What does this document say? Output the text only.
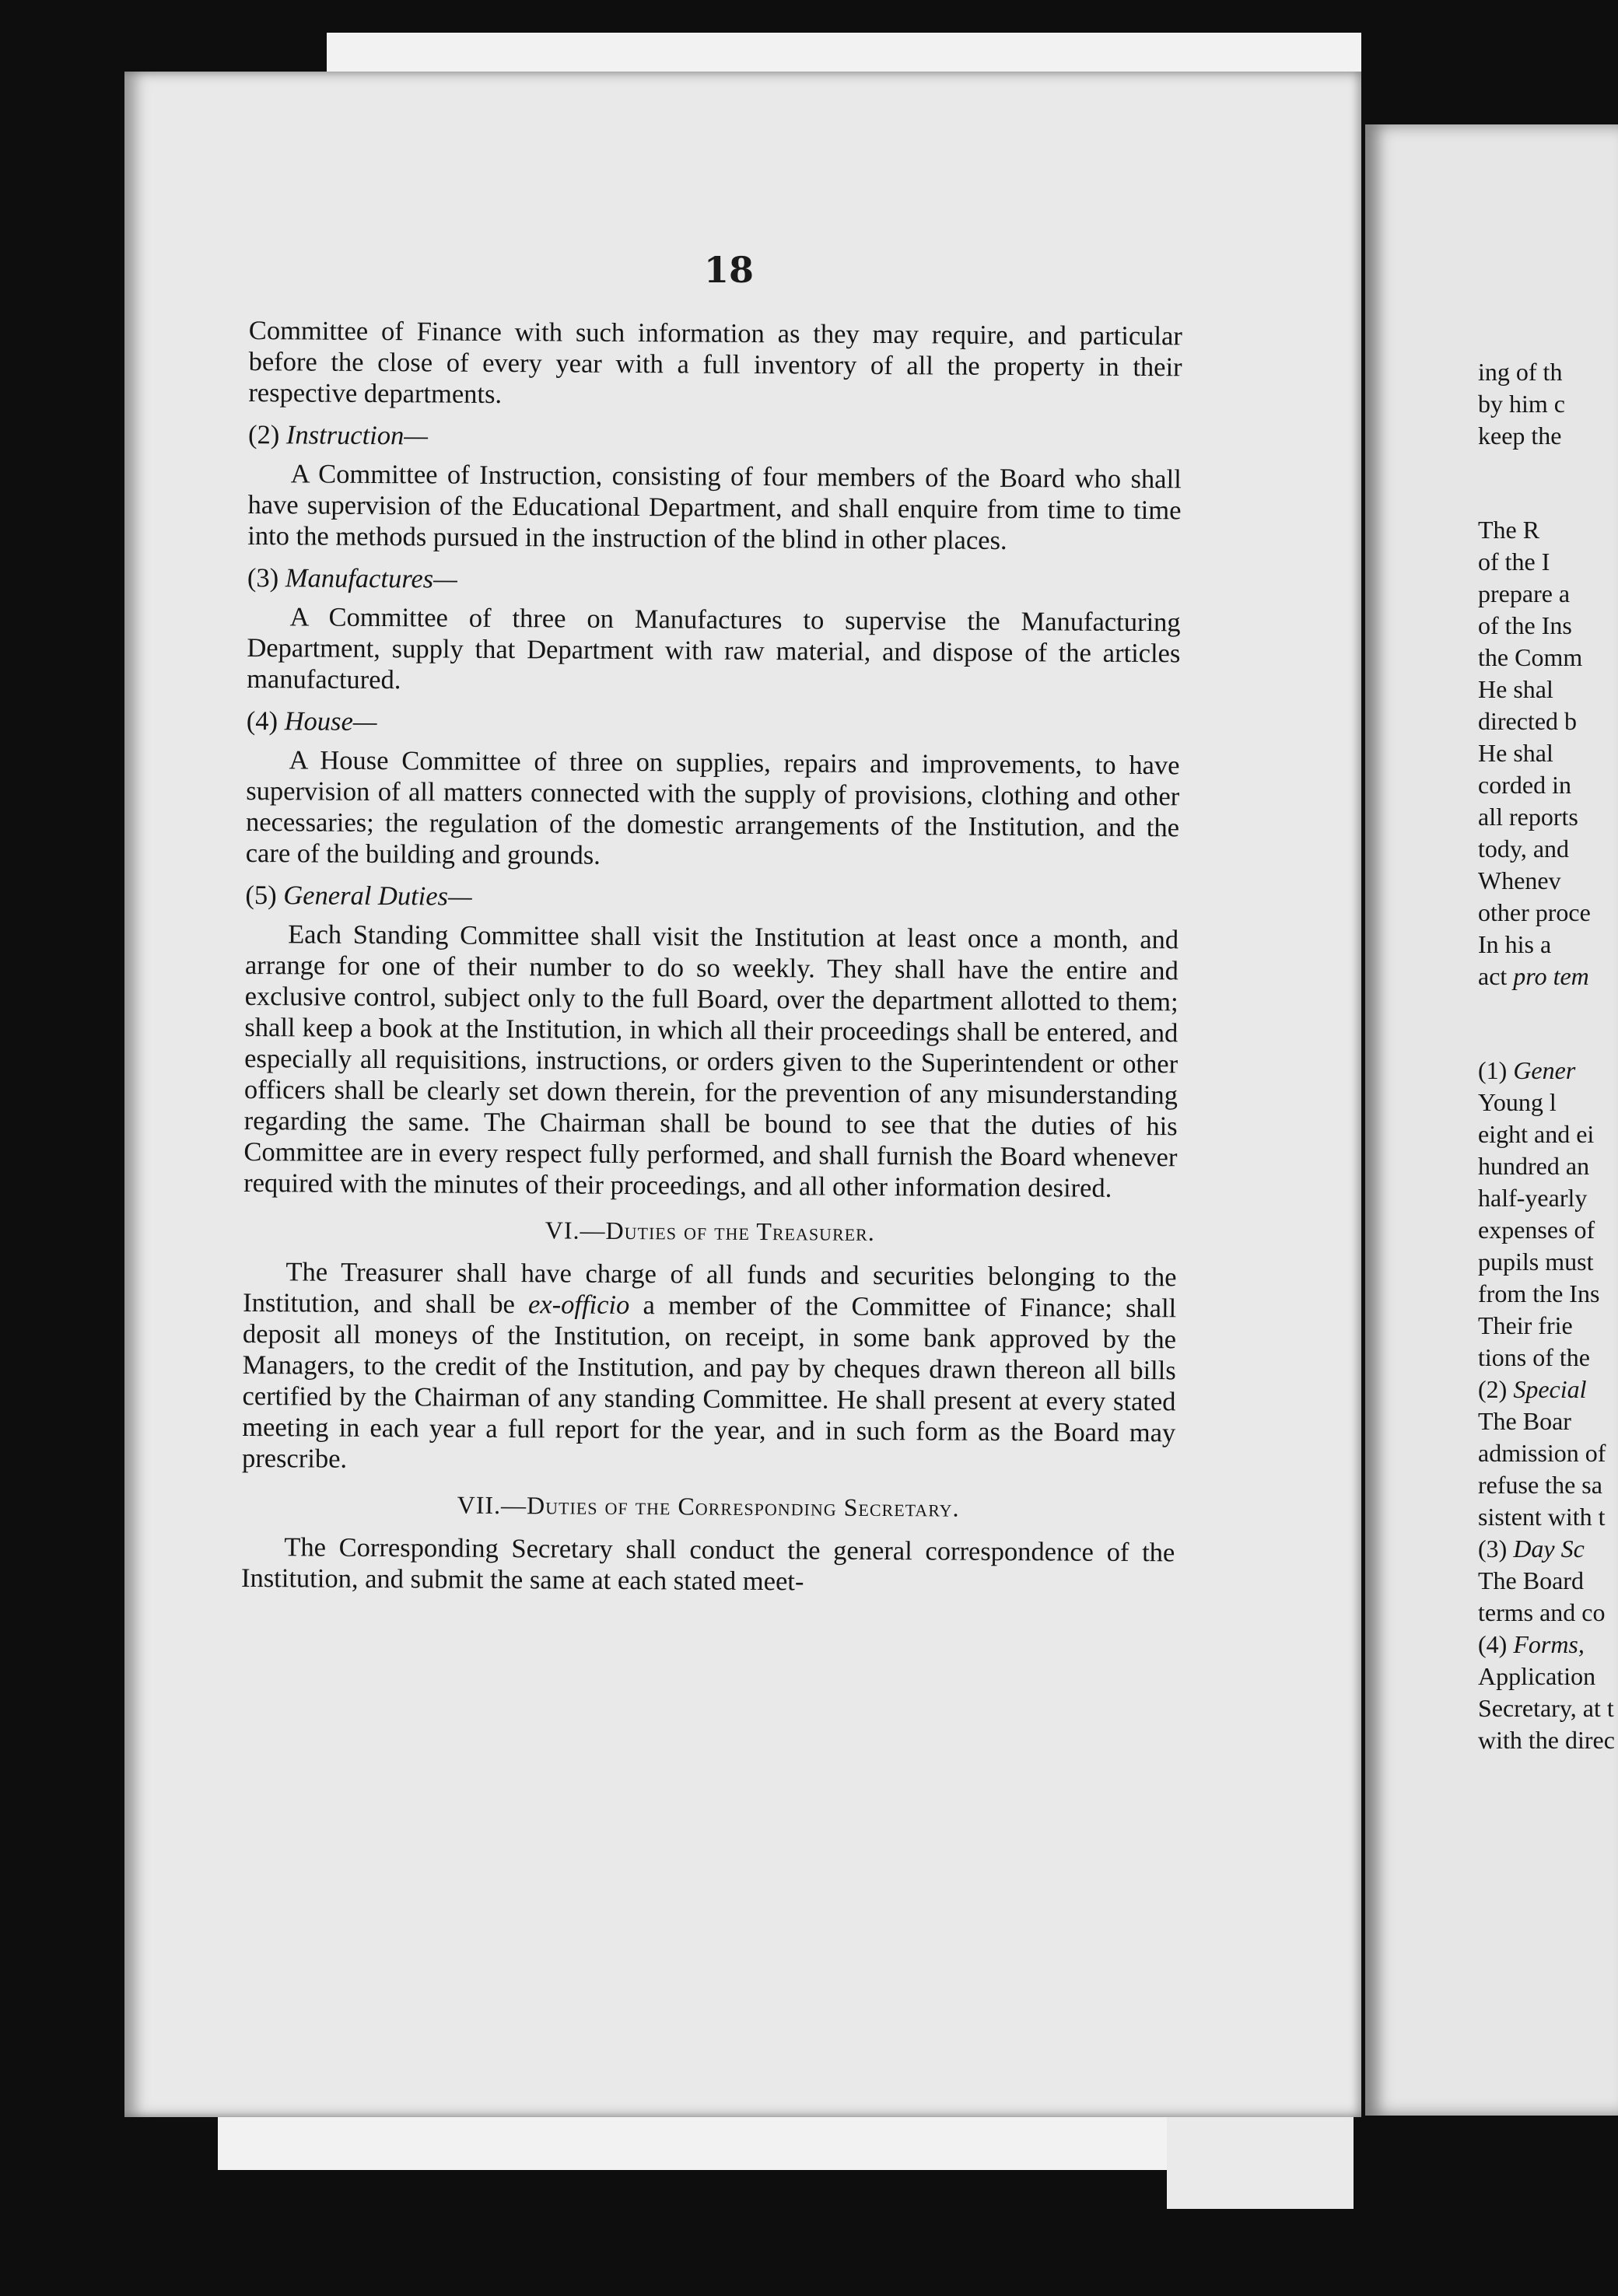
18

Committee of Finance with such information as they may require, and particular before the close of every year with a full inventory of all the property in their respective departments.

(2) Instruction—

A Committee of Instruction, consisting of four members of the Board who shall have supervision of the Educational Department, and shall enquire from time to time into the methods pursued in the instruction of the blind in other places.

(3) Manufactures—

A Committee of three on Manufactures to supervise the Manufacturing Department, supply that Department with raw material, and dispose of the articles manufactured.

(4) House—

A House Committee of three on supplies, repairs and improvements, to have supervision of all matters connected with the supply of provisions, clothing and other necessaries; the regulation of the domestic arrangements of the Institution, and the care of the building and grounds.

(5) General Duties—

Each Standing Committee shall visit the Institution at least once a month, and arrange for one of their number to do so weekly. They shall have the entire and exclusive control, subject only to the full Board, over the department allotted to them; shall keep a book at the Institution, in which all their proceedings shall be entered, and especially all requisitions, instructions, or orders given to the Superintendent or other officers shall be clearly set down therein, for the prevention of any misunderstanding regarding the same. The Chairman shall be bound to see that the duties of his Committee are in every respect fully performed, and shall furnish the Board whenever required with the minutes of their proceedings, and all other information desired.

VI.—Duties of the Treasurer.

The Treasurer shall have charge of all funds and securities belonging to the Institution, and shall be ex-officio a member of the Committee of Finance; shall deposit all moneys of the Institution, on receipt, in some bank approved by the Managers, to the credit of the Institution, and pay by cheques drawn thereon all bills certified by the Chairman of any standing Committee. He shall present at every stated meeting in each year a full report for the year, and in such form as the Board may prescribe.

VII.—Duties of the Corresponding Secretary.

The Corresponding Secretary shall conduct the general correspondence of the Institution, and submit the same at each stated meet-

ing of th
by him c
keep the
The R
of the I
prepare a
of the Ins
the Comm
He shal
directed b
He shal
corded in
all reports
tody, and
Whenev
other proce
In his a
act pro tem
(1) Gener
Young l
eight and ei
hundred an
half-yearly
expenses of
pupils must
from the Ins
Their frie
tions of the
(2) Special
The Boar
admission of
refuse the sa
sistent with t
(3) Day Sc
The Board
terms and co
(4) Forms,
Application
Secretary, at t
with the direc
